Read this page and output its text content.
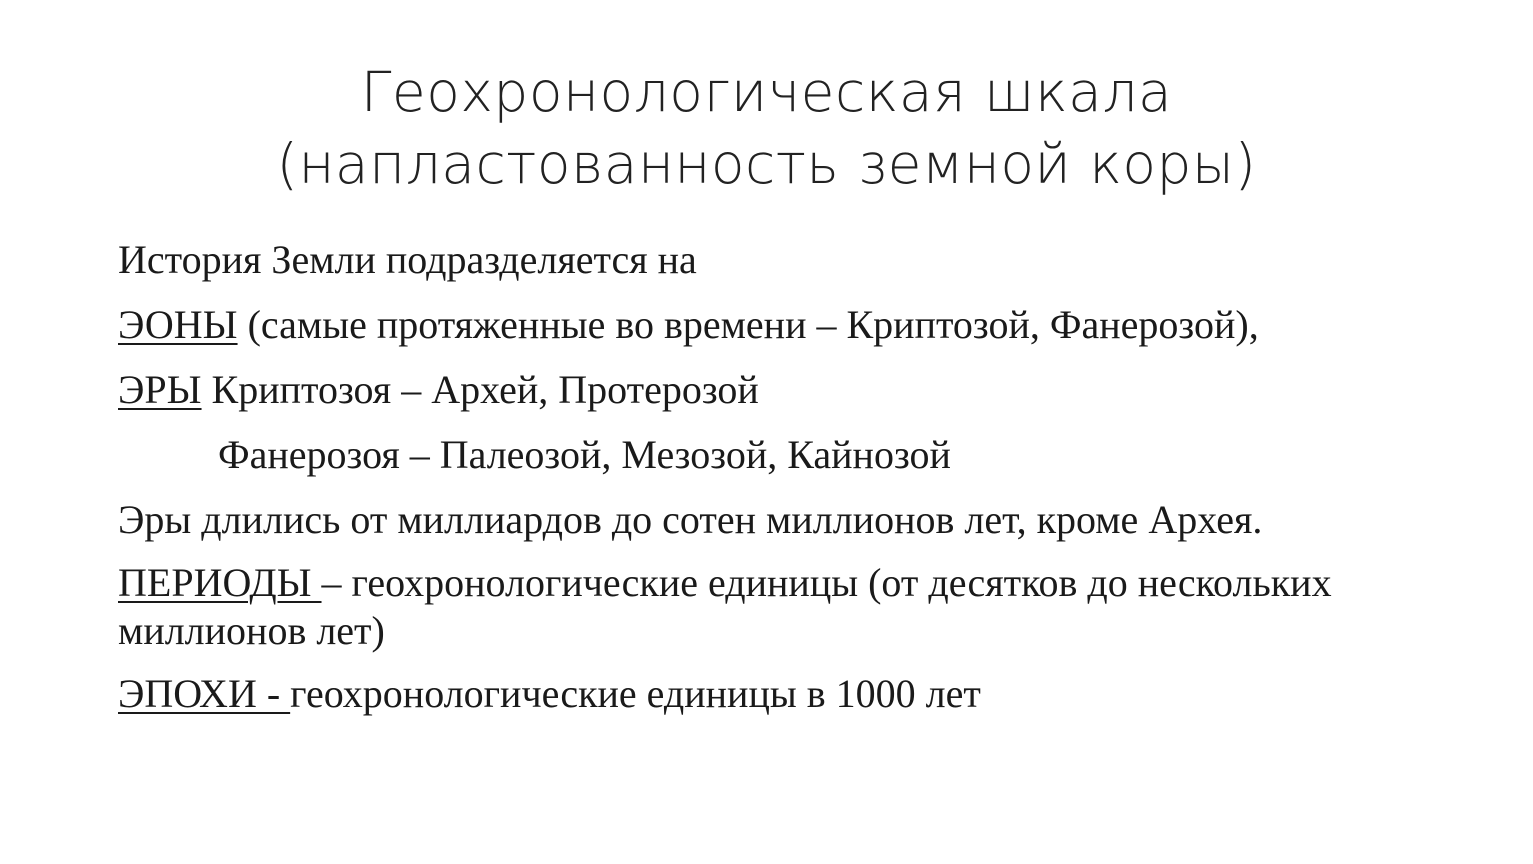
Геохронологическая шкала
(напластованность земной коры)
История Земли подразделяется на
ЭОНЫ (самые протяженные во времени – Криптозой, Фанерозой),
ЭРЫ Криптозоя – Архей, Протерозой
Фанерозоя – Палеозой, Мезозой, Кайнозой
Эры длились от миллиардов до сотен миллионов лет, кроме Архея.
ПЕРИОДЫ – геохронологические единицы (от десятков до нескольких миллионов лет)
ЭПОХИ - геохронологические единицы в 1000 лет
